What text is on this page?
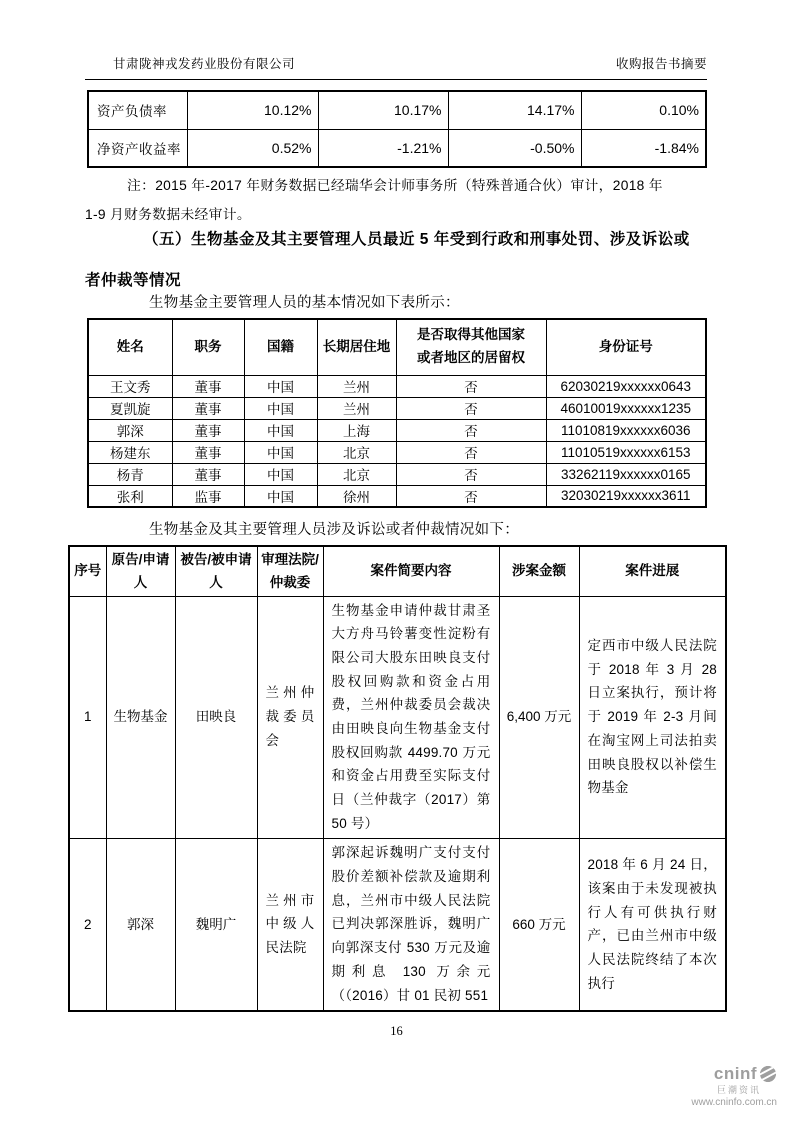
甘肃陇神戎发药业股份有限公司	收购报告书摘要
资产负债率	10.12%	10.17%	14.17%	0.10%
净资产收益率	0.52%	-1.21%	-0.50%	-1.84%
注：2015 年-2017 年财务数据已经瑞华会计师事务所（特殊普通合伙）审计，2018 年
1-9 月财务数据未经审计。
（五）生物基金及其主要管理人员最近 5 年受到行政和刑事处罚、涉及诉讼或者仲裁等情况
生物基金主要管理人员的基本情况如下表所示：
姓名	职务	国籍	长期居住地	是否取得其他国家或者地区的居留权	身份证号
王文秀	董事	中国	兰州	否	62030219xxxxxx0643
夏凯旋	董事	中国	兰州	否	46010019xxxxxx1235
郭深	董事	中国	上海	否	11010819xxxxxx6036
杨建东	董事	中国	北京	否	11010519xxxxxx6153
杨青	董事	中国	北京	否	33262119xxxxxx0165
张利	监事	中国	徐州	否	32030219xxxxxx3611
生物基金及其主要管理人员涉及诉讼或者仲裁情况如下：
序号	原告/申请人	被告/被申请人	审理法院/仲裁委	案件简要内容	涉案金额	案件进展
1	生物基金	田映良	兰州仲裁委员会	生物基金申请仲裁甘肃圣大方舟马铃薯变性淀粉有限公司大股东田映良支付股权回购款和资金占用费，兰州仲裁委员会裁决由田映良向生物基金支付股权回购款 4499.70 万元和资金占用费至实际支付日（兰仲裁字（2017）第 50 号）	6,400 万元	定西市中级人民法院于 2018 年 3 月 28 日立案执行，预计将于 2019 年 2-3 月间在淘宝网上司法拍卖田映良股权以补偿生物基金
2	郭深	魏明广	兰州市中级人民法院	郭深起诉魏明广支付支付股价差额补偿款及逾期利息，兰州市中级人民法院已判决郭深胜诉，魏明广向郭深支付 530 万元及逾期利息 130 万余元（（2016）甘 01 民初 551	660 万元	2018 年 6 月 24 日，该案由于未发现被执行人有可供执行财产，已由兰州市中级人民法院终结了本次执行
16
cninf
巨潮资讯
www.cninfo.com.cn
